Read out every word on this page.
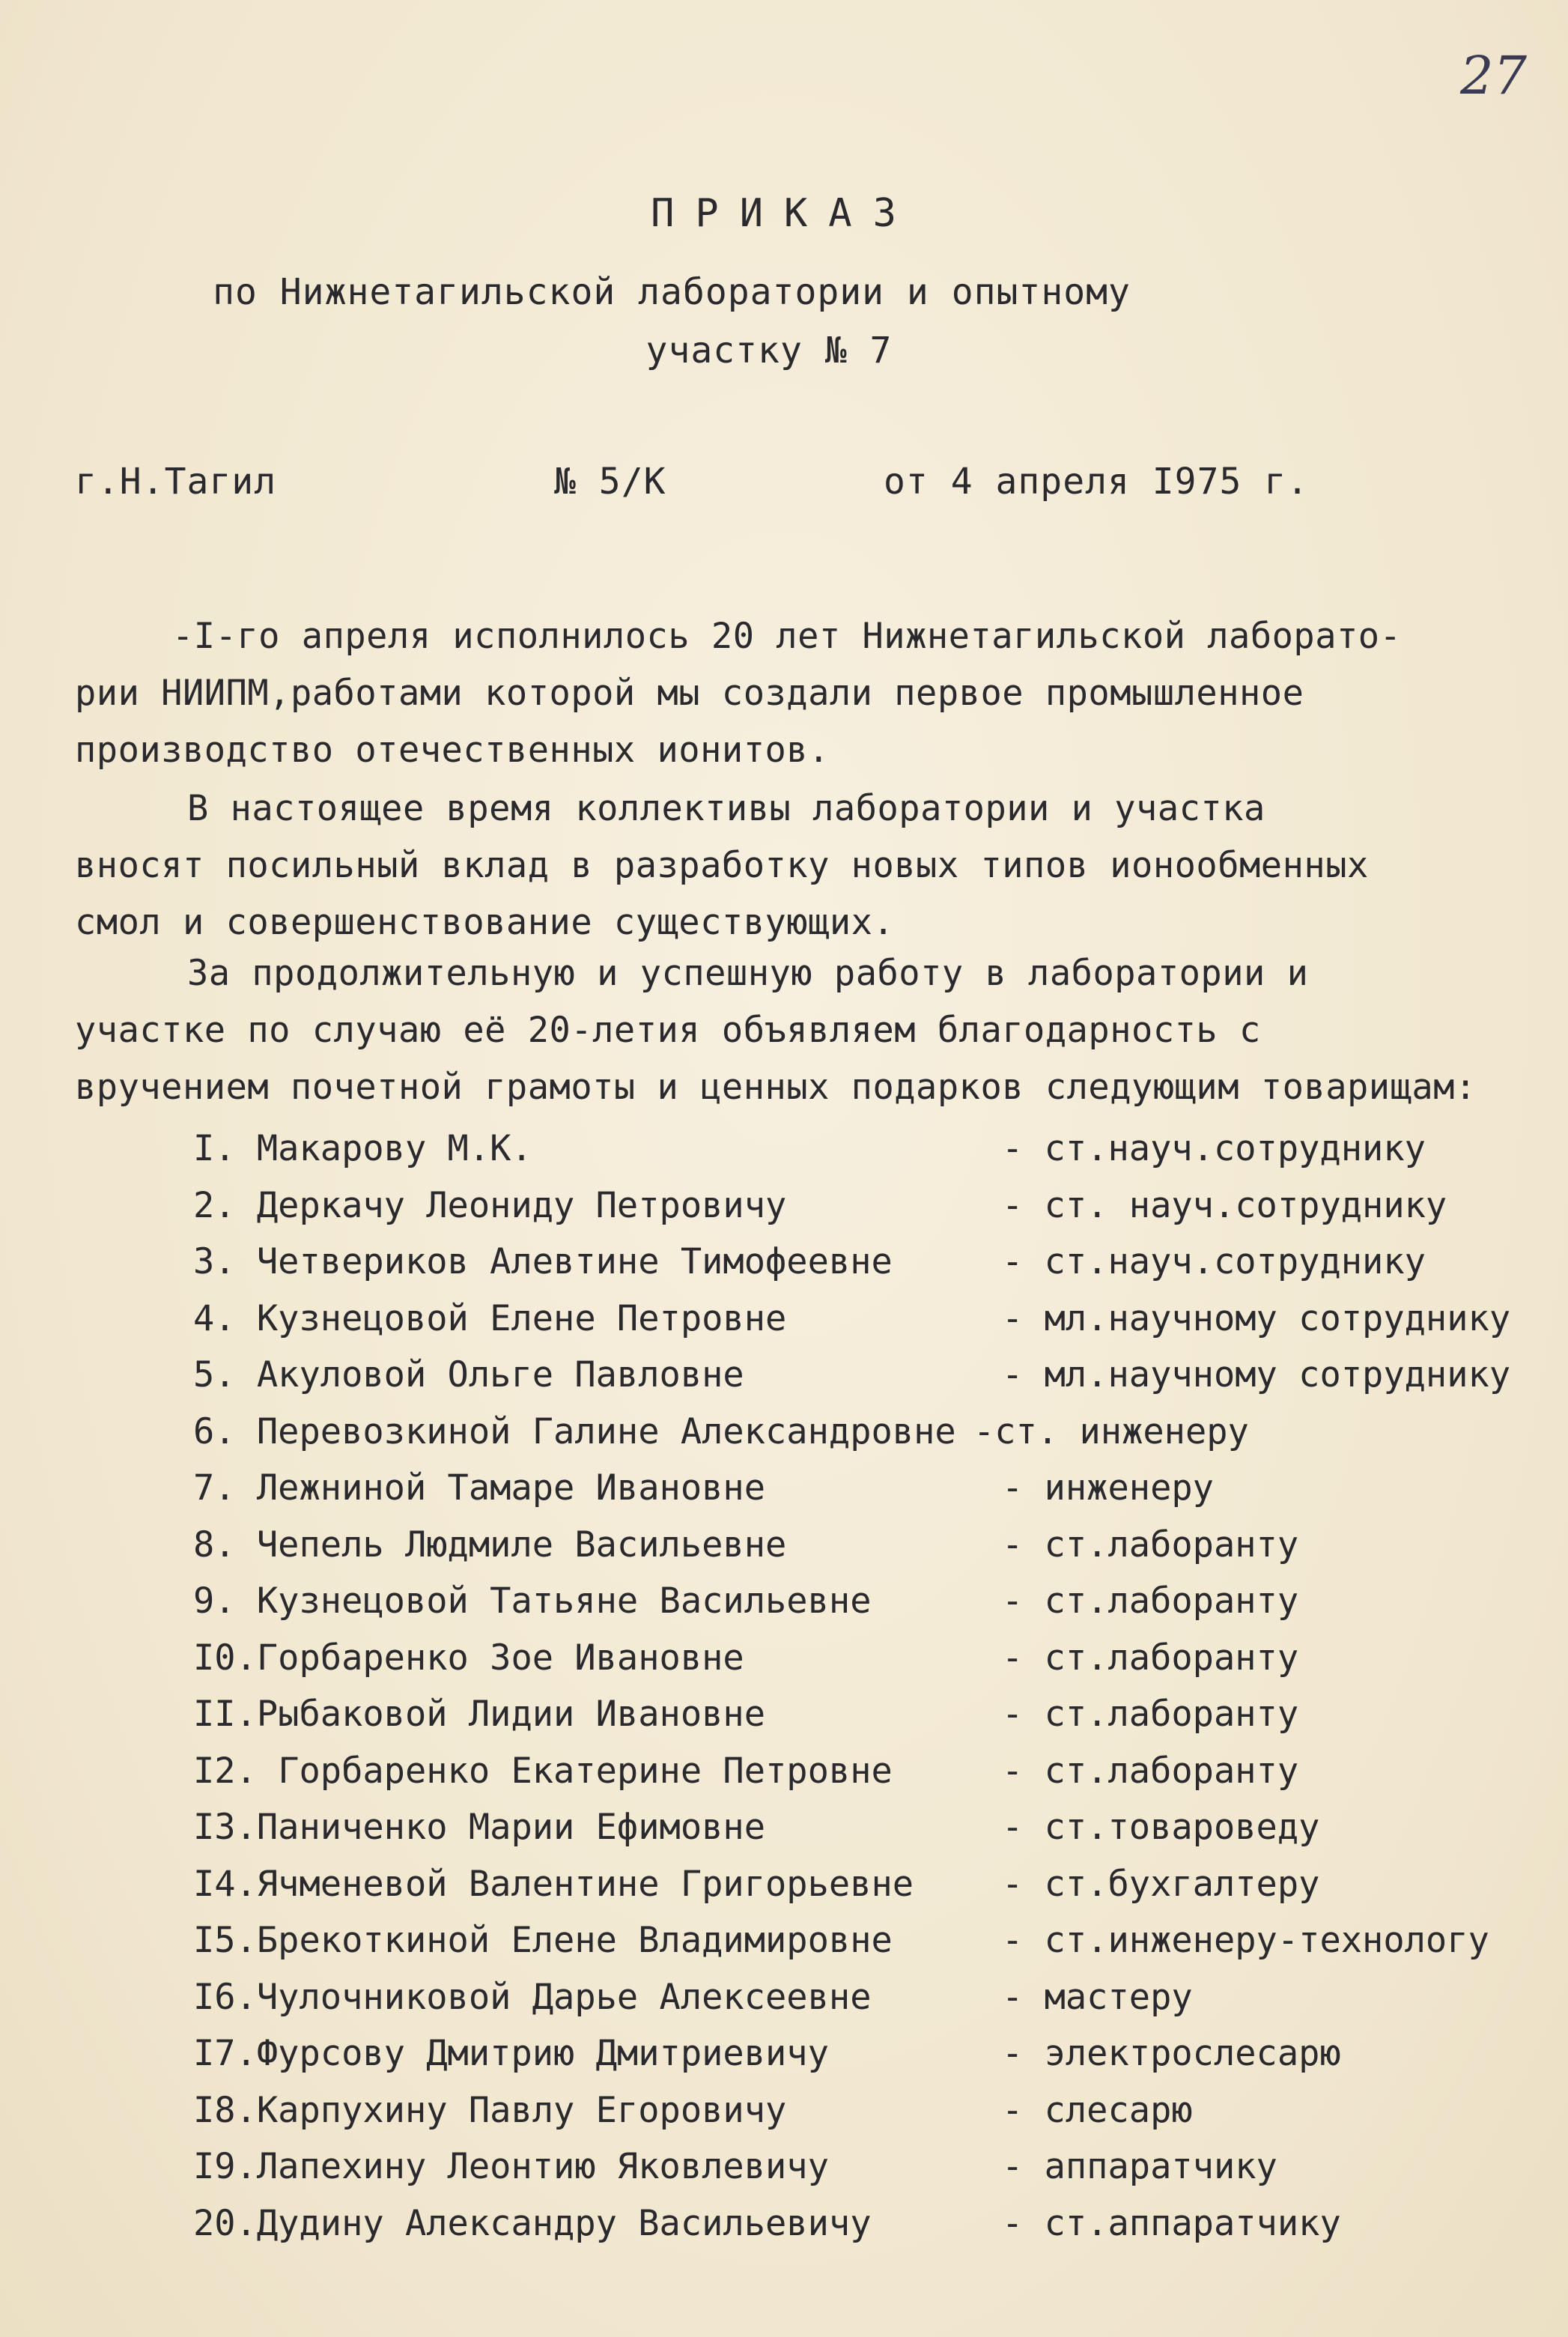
27
ПРИКАЗ
по Нижнетагильской лаборатории и опытному
участку № 7
г.Н.Тагил	№ 5/К	от 4 апреля I975 г.
-I-го апреля исполнилось 20 лет Нижнетагильской лаборато-
рии НИИПМ,работами которой мы создали первое промышленное
производство отечественных ионитов.
В настоящее время коллективы лаборатории и участка
вносят посильный вклад в разработку новых типов ионообменных
смол и совершенствование существующих.
За продолжительную и успешную работу в лаборатории и
участке по случаю её 20-летия объявляем благодарность с
вручением почетной грамоты и ценных подарков следующим товарищам:
I. Макарову М.К.	- ст.науч.сотруднику
2. Деркачу Леониду Петровичу	- ст. науч.сотруднику
3. Четвериков Алевтине Тимофеевне	- ст.науч.сотруднику
4. Кузнецовой Елене Петровне	- мл.научному сотруднику
5. Акуловой Ольге Павловне	- мл.научному сотруднику
6. Перевозкиной Галине Александровне -ст. инженеру
7. Лежниной Тамаре Ивановне	- инженеру
8. Чепель Людмиле Васильевне	- ст.лаборанту
9. Кузнецовой Татьяне Васильевне	- ст.лаборанту
I0.Горбаренко Зое Ивановне	- ст.лаборанту
II.Рыбаковой Лидии Ивановне	- ст.лаборанту
I2. Горбаренко Екатерине Петровне	- ст.лаборанту
I3.Паниченко Марии Ефимовне	- ст.товароведу
I4.Ячменевой Валентине Григорьевне	- ст.бухгалтеру
I5.Брекоткиной Елене Владимировне	- ст.инженеру-технологу
I6.Чулочниковой Дарье Алексеевне	- мастеру
I7.Фурсову Дмитрию Дмитриевичу	- электрослесарю
I8.Карпухину Павлу Егоровичу	- слесарю
I9.Лапехину Леонтию Яковлевичу	- аппаратчику
20.Дудину Александру Васильевичу	- ст.аппаратчику
